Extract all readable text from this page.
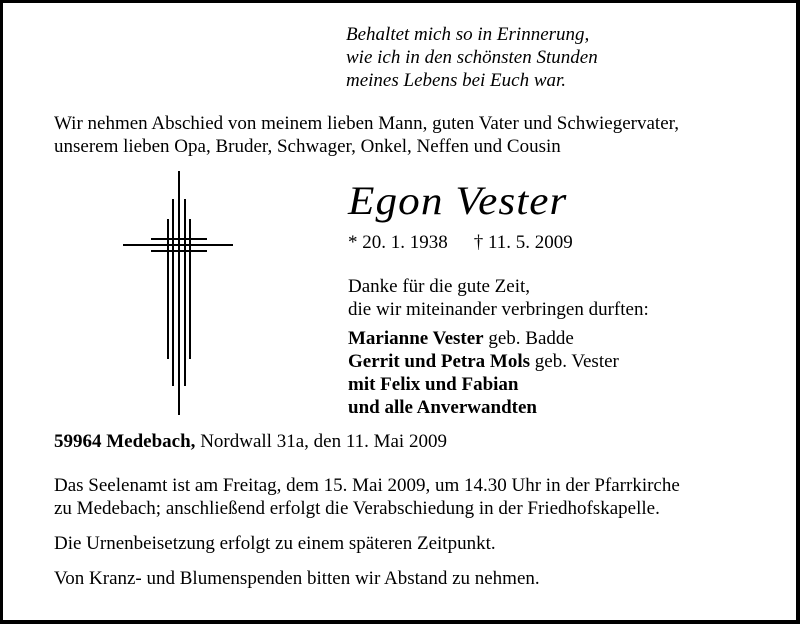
Behaltet mich so in Erinnerung,
wie ich in den schönsten Stunden
meines Lebens bei Euch war.
Wir nehmen Abschied von meinem lieben Mann, guten Vater und Schwiegervater,
unserem lieben Opa, Bruder, Schwager, Onkel, Neffen und Cousin
Egon Vester
* 20. 1. 1938 † 11. 5. 2009
Danke für die gute Zeit,
die wir miteinander verbringen durften:
Marianne Vester geb. Badde
Gerrit und Petra Mols geb. Vester
mit Felix und Fabian
und alle Anverwandten
59964 Medebach, Nordwall 31a, den 11. Mai 2009
Das Seelenamt ist am Freitag, dem 15. Mai 2009, um 14.30 Uhr in der Pfarrkirche
zu Medebach; anschließend erfolgt die Verabschiedung in der Friedhofskapelle.
Die Urnenbeisetzung erfolgt zu einem späteren Zeitpunkt.
Von Kranz- und Blumenspenden bitten wir Abstand zu nehmen.
